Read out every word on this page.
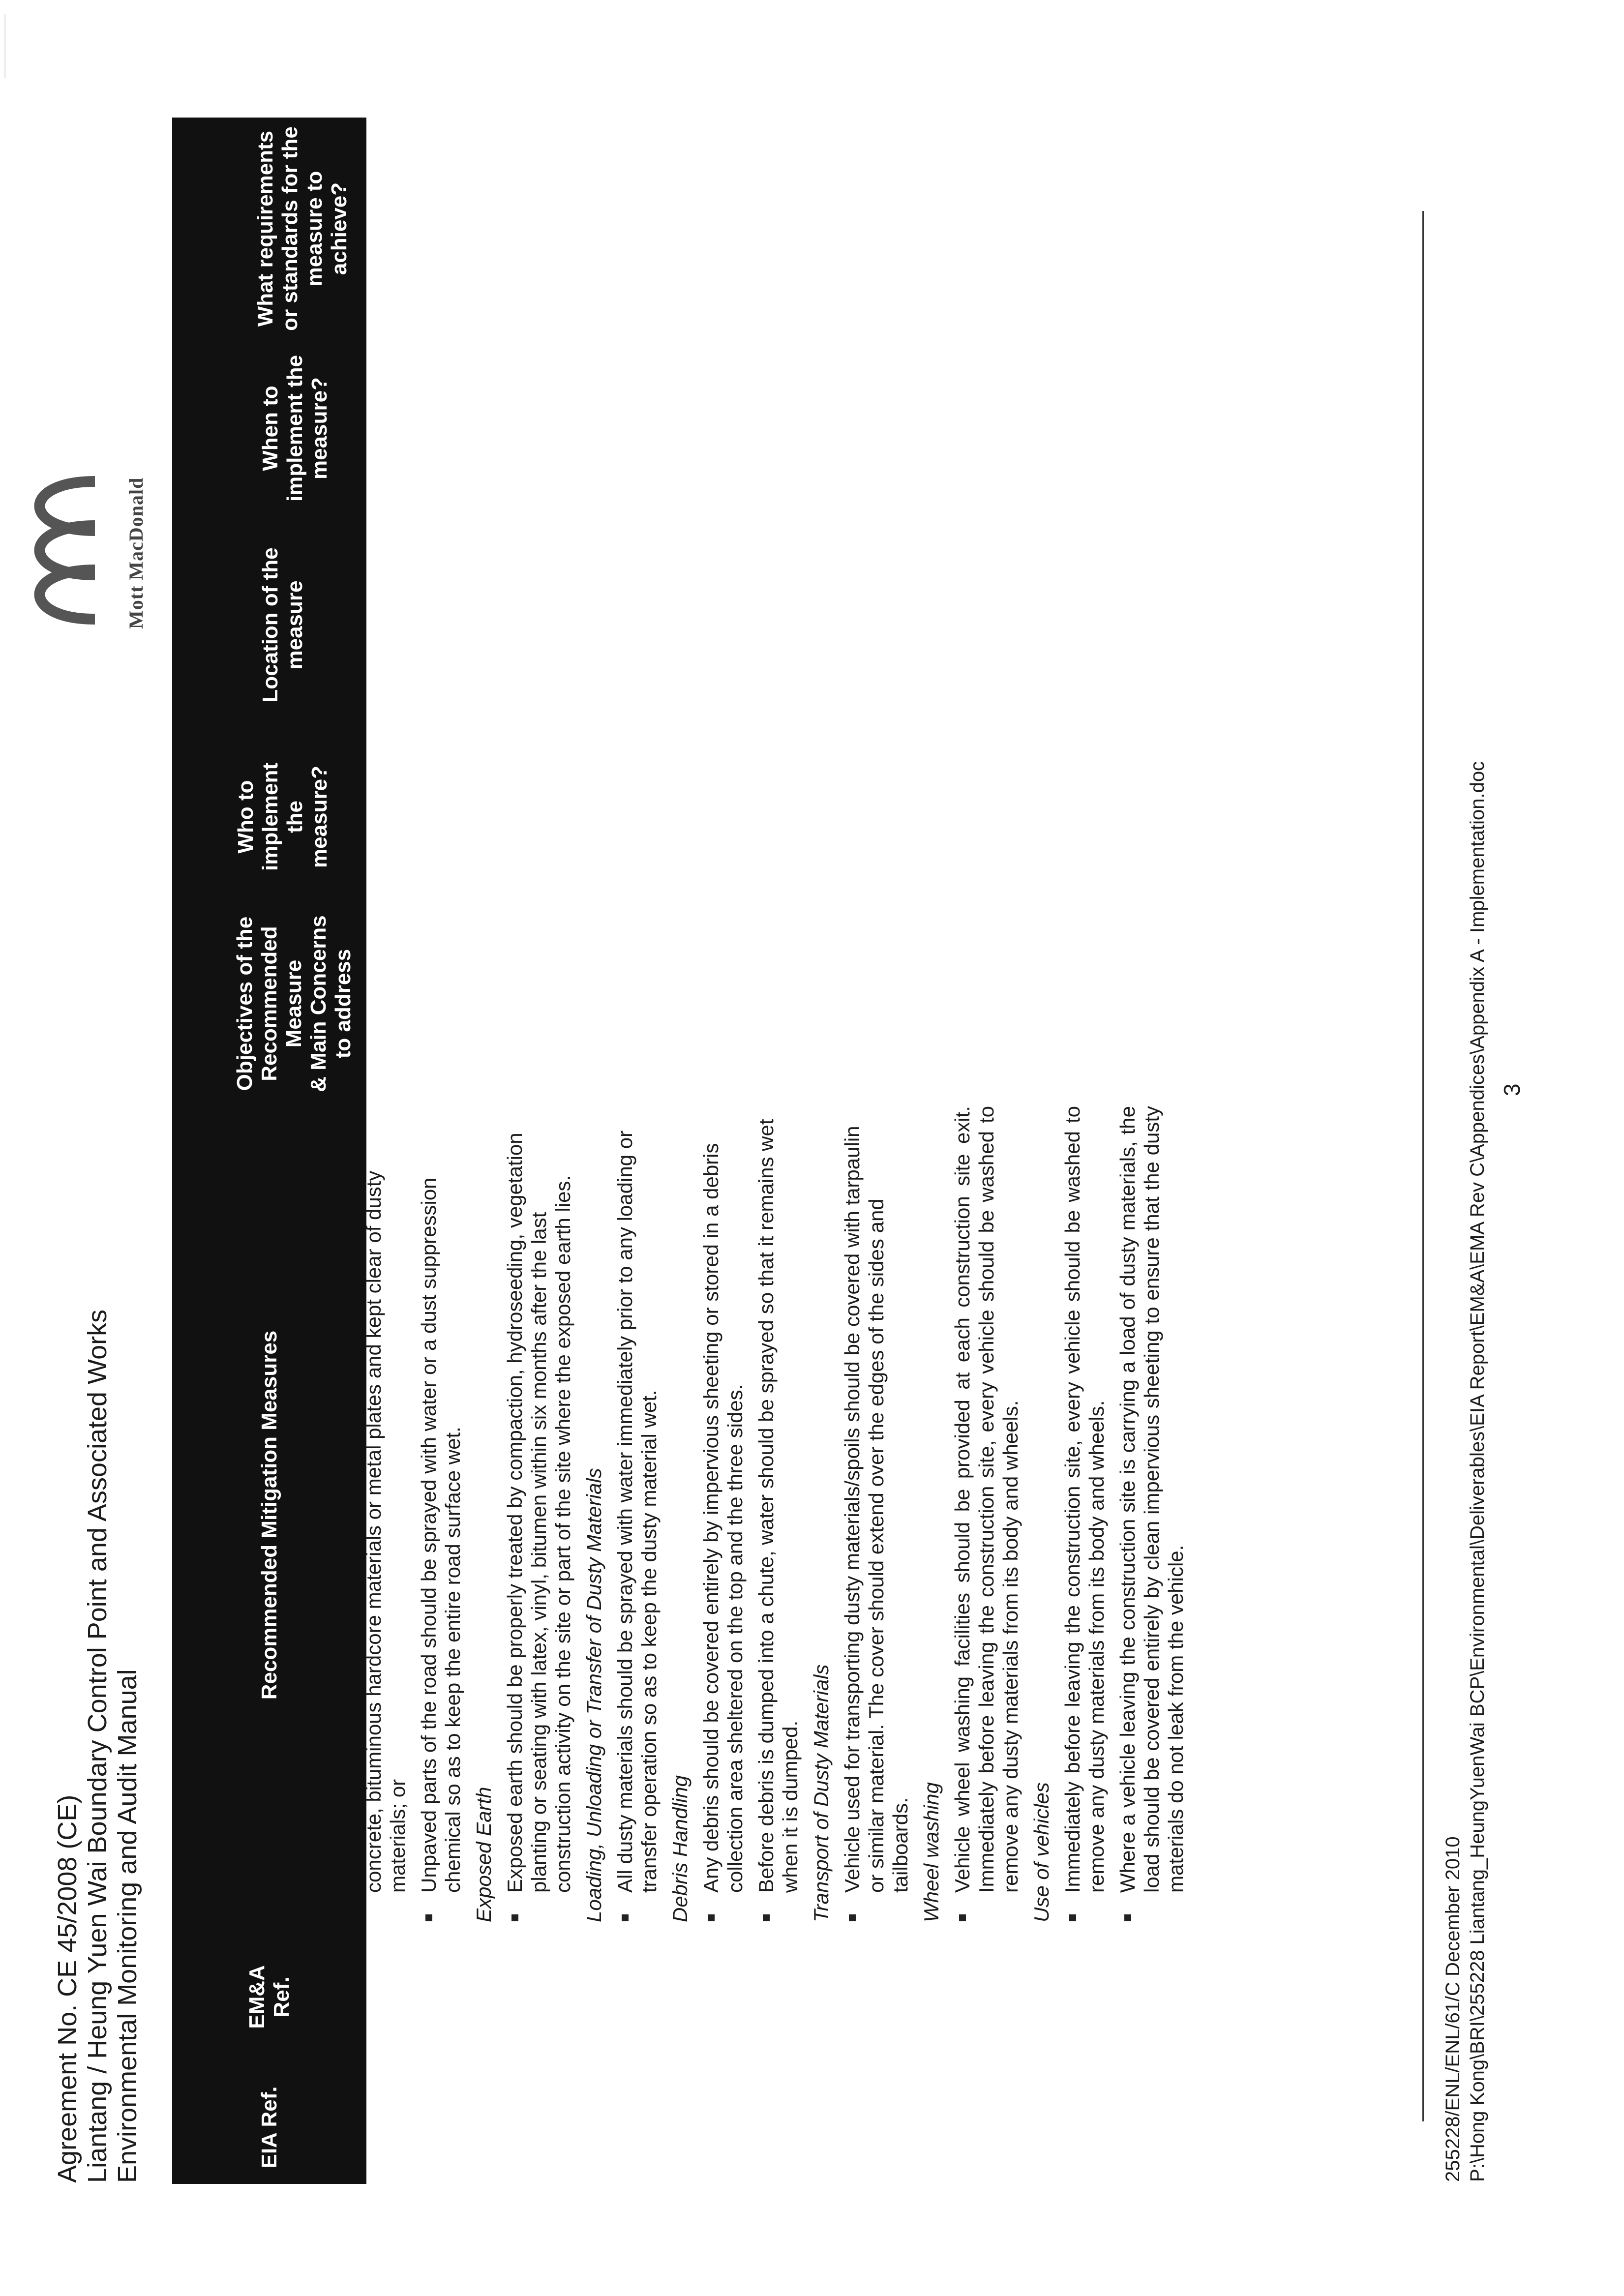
Agreement No. CE 45/2008 (CE) Liantang / Heung Yuen Wai Boundary Control Point and Associated Works Environmental Monitoring and Audit Manual
Mott MacDonald
EIA Ref.
EM&A Ref.
Recommended Mitigation Measures
Objectives of the Recommended Measure & Main Concerns to address
Who to implement the measure?
Location of the measure
When to implement the measure?
What requirements or standards for the measure to achieve?
concrete, bituminous hardcore materials or metal plates and kept clear of dusty materials; or Unpaved parts of the road should be sprayed with water or a dust suppression chemical so as to keep the entire road surface wet. Exposed Earth Exposed earth should be properly treated by compaction, hydroseeding, vegetation planting or seating with latex, vinyl, bitumen within six months after the last construction activity on the site or part of the site where the exposed earth lies. Loading, Unloading or Transfer of Dusty Materials All dusty materials should be sprayed with water immediately prior to any loading or transfer operation so as to keep the dusty material wet. Debris Handling Any debris should be covered entirely by impervious sheeting or stored in a debris collection area sheltered on the top and the three sides. Before debris is dumped into a chute, water should be sprayed so that it remains wet when it is dumped. Transport of Dusty Materials Vehicle used for transporting dusty materials/spoils should be covered with tarpaulin or similar material. The cover should extend over the edges of the sides and tailboards. Wheel washing Vehicle wheel washing facilities should be provided at each construction site exit. Immediately before leaving the construction site, every vehicle should be washed to remove any dusty materials from its body and wheels. Use of vehicles Immediately before leaving the construction site, every vehicle should be washed to remove any dusty materials from its body and wheels. Where a vehicle leaving the construction site is carrying a load of dusty materials, the load should be covered entirely by clean impervious sheeting to ensure that the dusty materials do not leak from the vehicle.
255228/ENL/ENL/61/C December 2010 P:\Hong Kong\BRI\255228 Liantang_HeungYuenWai BCP\Environmental\Deliverables\EIA Report\EM&A\EMA Rev C\Appendices\Appendix A - Implementation.doc 3
